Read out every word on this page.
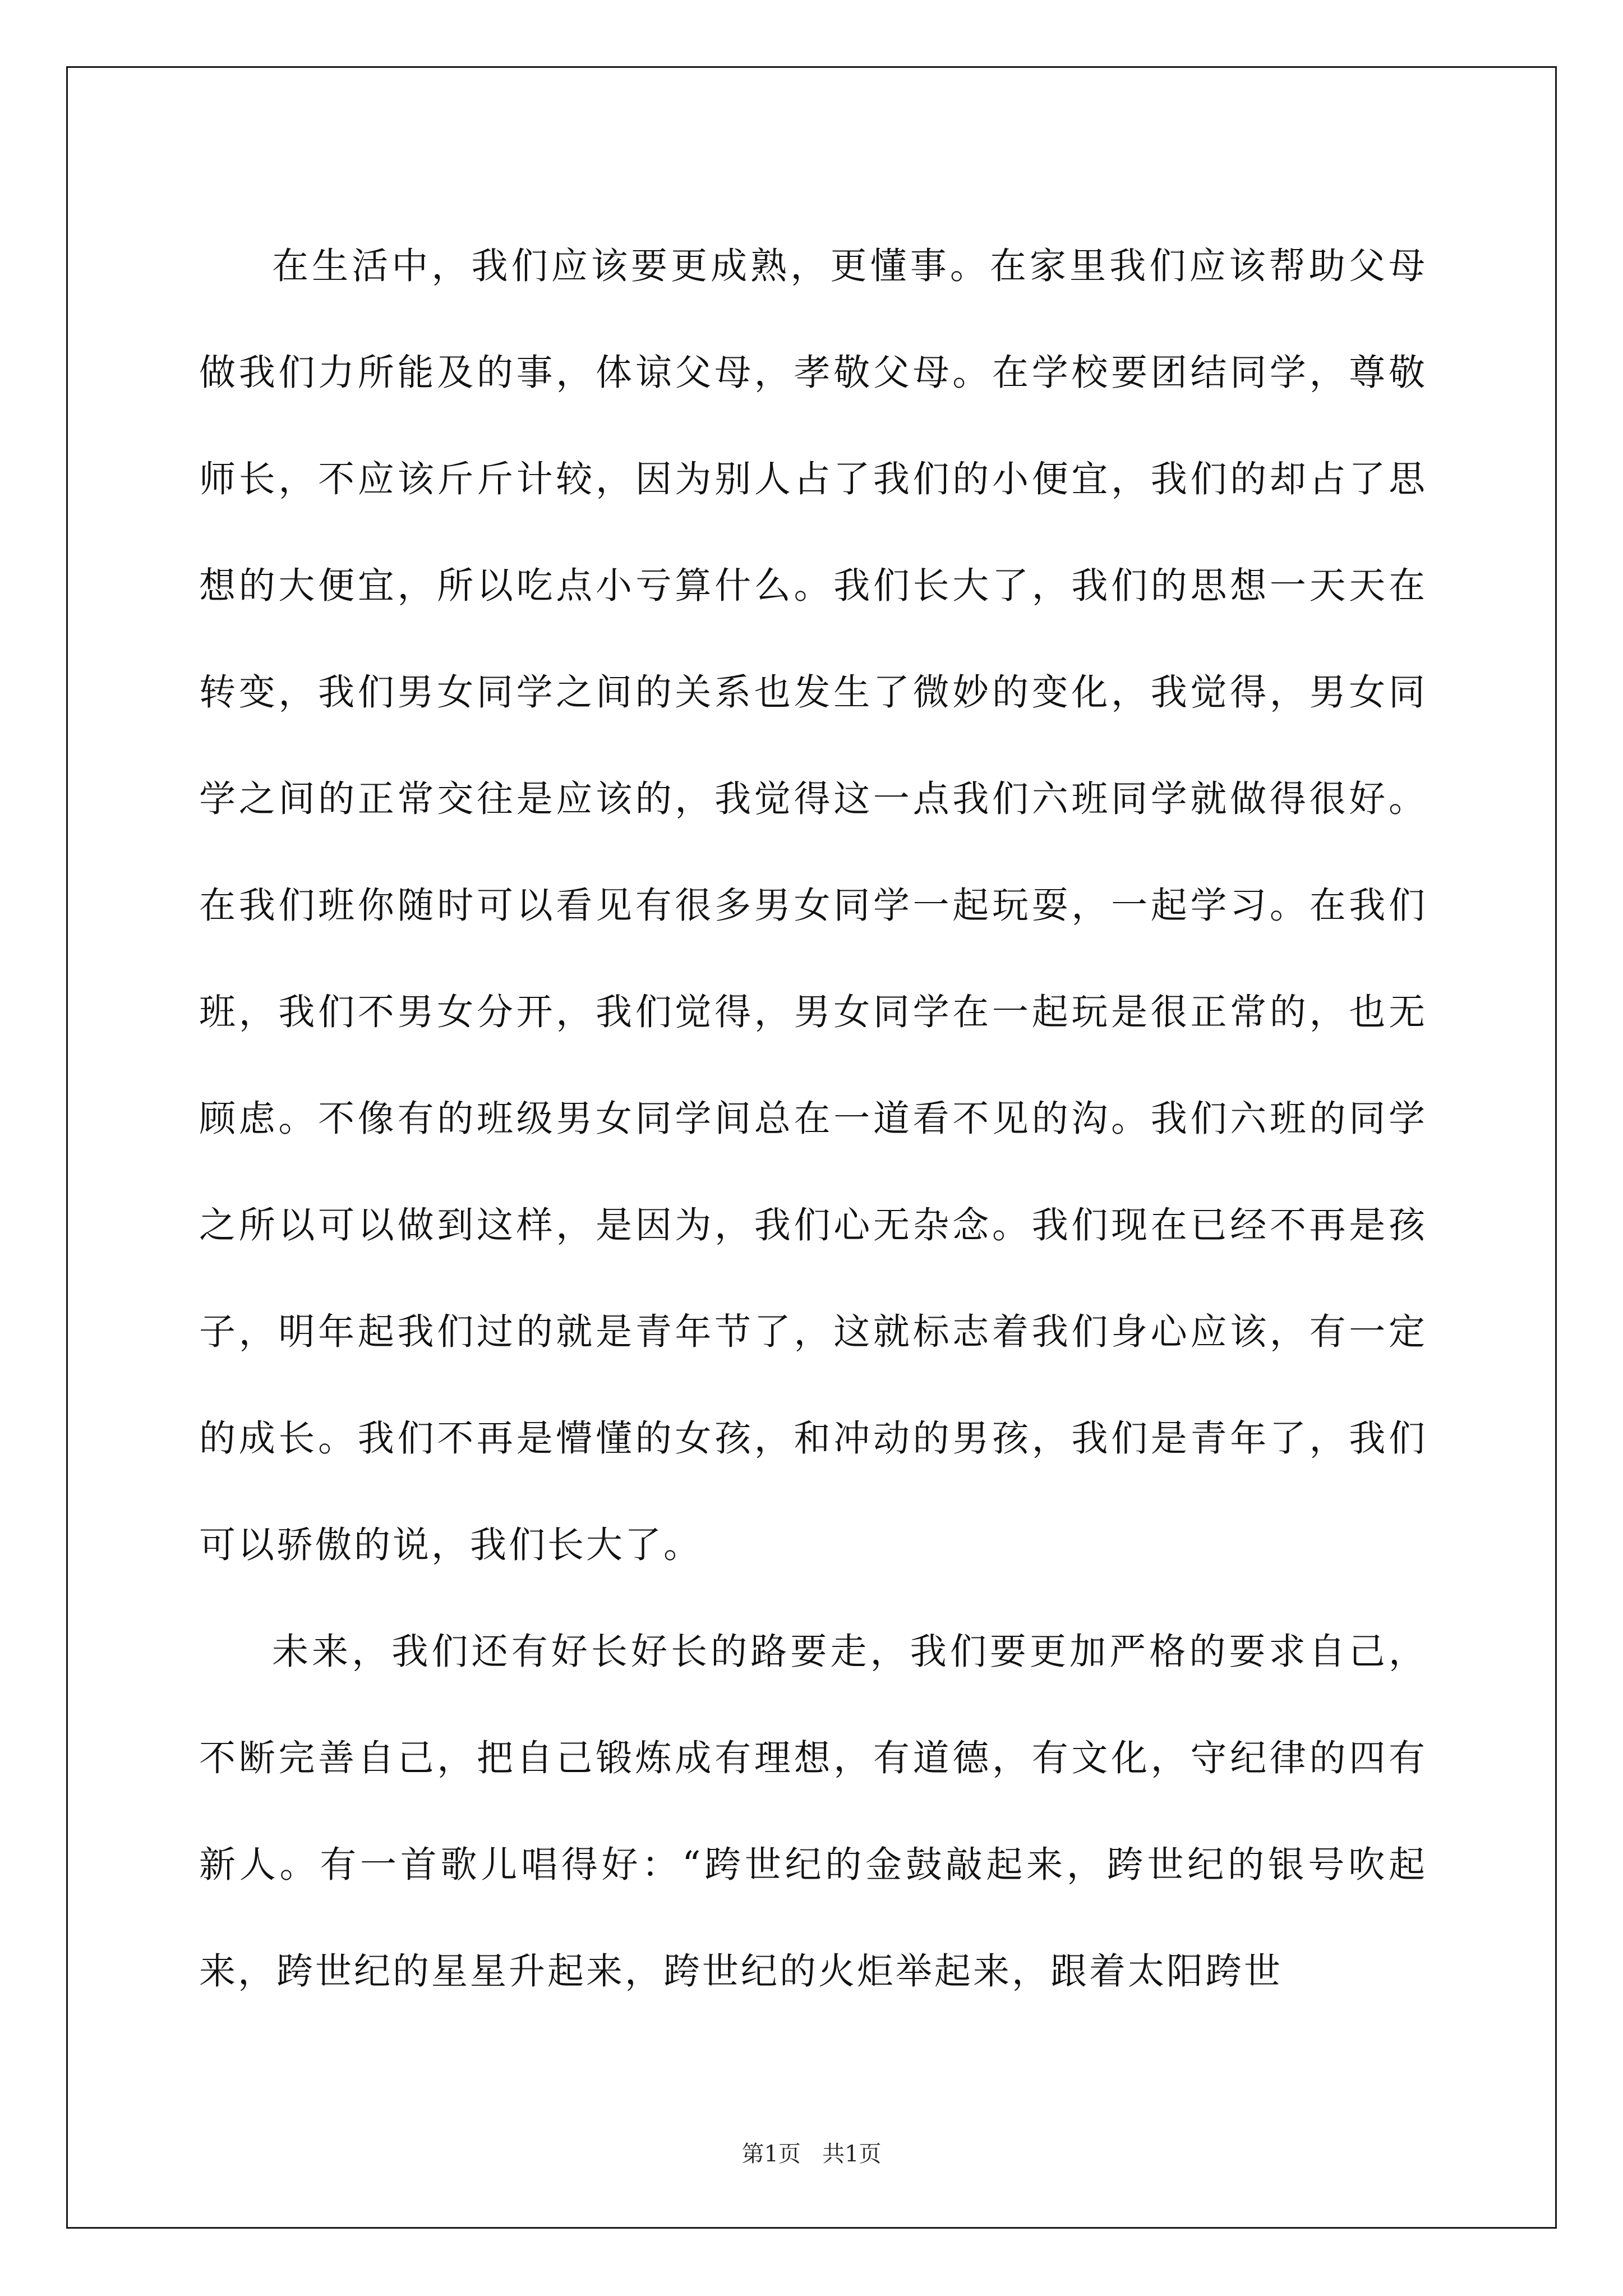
在生活中，我们应该要更成熟，更懂事。在家里我们应该帮助父母做我们力所能及的事，体谅父母，孝敬父母。在学校要团结同学，尊敬师长，不应该斤斤计较，因为别人占了我们的小便宜，我们的却占了思想的大便宜，所以吃点小亏算什么。我们长大了，我们的思想一天天在转变，我们男女同学之间的关系也发生了微妙的变化，我觉得，男女同学之间的正常交往是应该的，我觉得这一点我们六班同学就做得很好。在我们班你随时可以看见有很多男女同学一起玩耍，一起学习。在我们班，我们不男女分开，我们觉得，男女同学在一起玩是很正常的，也无顾虑。不像有的班级男女同学间总在一道看不见的沟。我们六班的同学之所以可以做到这样，是因为，我们心无杂念。我们现在已经不再是孩子，明年起我们过的就是青年节了，这就标志着我们身心应该，有一定的成长。我们不再是懵懂的女孩，和冲动的男孩，我们是青年了，我们可以骄傲的说，我们长大了。

未来，我们还有好长好长的路要走，我们要更加严格的要求自己，不断完善自己，把自己锻炼成有理想，有道德，有文化，守纪律的四有新人。有一首歌儿唱得好：“跨世纪的金鼓敲起来，跨世纪的银号吹起来，跨世纪的星星升起来，跨世纪的火炬举起来，跟着太阳跨世

第1页 共1页
